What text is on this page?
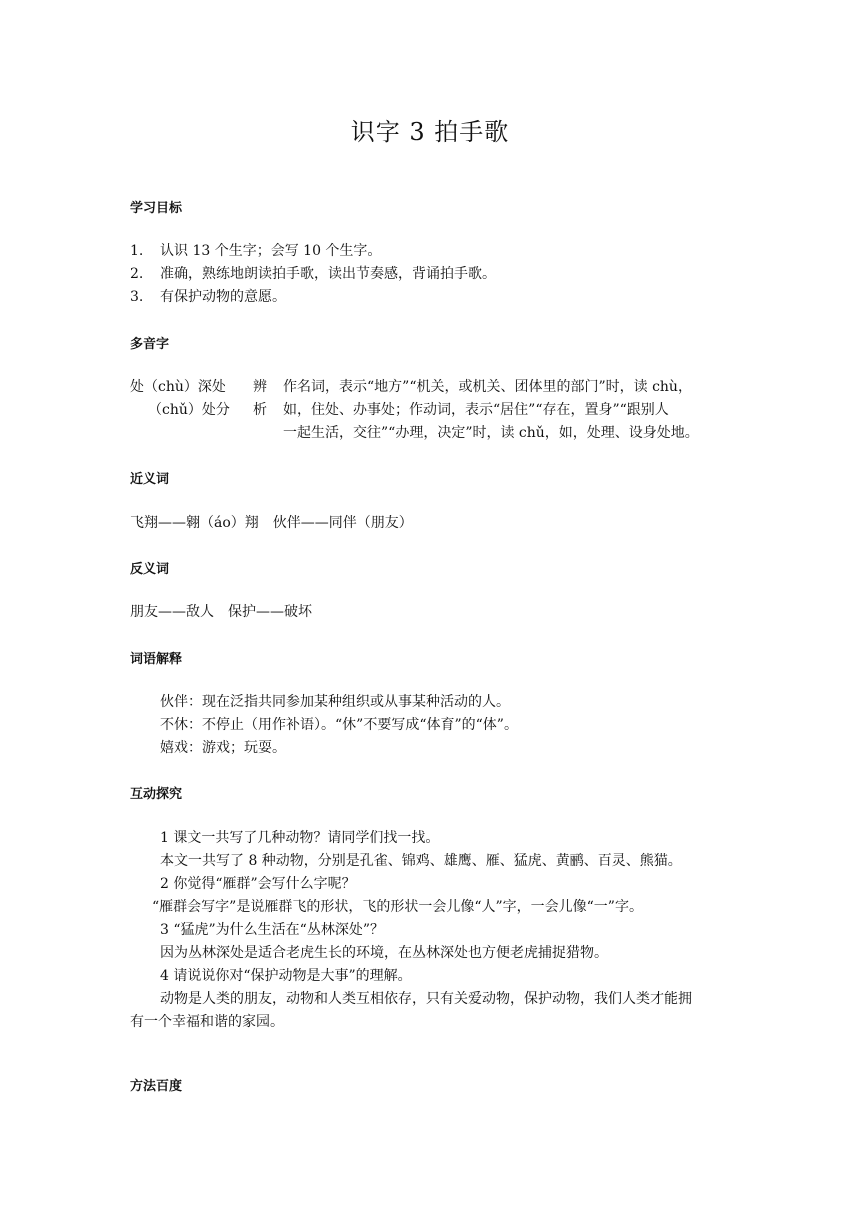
识字 3 拍手歌
学习目标
1. 认识 13 个生字；会写 10 个生字。
2. 准确，熟练地朗读拍手歌，读出节奏感，背诵拍手歌。
3. 有保护动物的意愿。
多音字
处（chù）深处
（chǔ）处分
辨
析
作名词，表示“地方”“机关，或机关、团体里的部门”时，读 chù，
如，住处、办事处；作动词，表示“居住”“存在，置身”“跟别人
一起生活，交往”“办理，决定”时，读 chǔ，如，处理、设身处地。
近义词
飞翔——翱（áo）翔　伙伴——同伴（朋友）
反义词
朋友——敌人　保护——破坏
词语解释
伙伴：现在泛指共同参加某种组织或从事某种活动的人。
不休：不停止（用作补语）。“休”不要写成“体育”的“体”。
嬉戏：游戏；玩耍。
互动探究
1 课文一共写了几种动物？请同学们找一找。
本文一共写了 8 种动物，分别是孔雀、锦鸡、雄鹰、雁、猛虎、黄鹂、百灵、熊猫。
2 你觉得“雁群”会写什么字呢？
“雁群会写字”是说雁群飞的形状，飞的形状一会儿像“人”字，一会儿像“一”字。
3 “猛虎”为什么生活在“丛林深处”？
因为丛林深处是适合老虎生长的环境，在丛林深处也方便老虎捕捉猎物。
4 请说说你对“保护动物是大事”的理解。
动物是人类的朋友，动物和人类互相依存，只有关爱动物，保护动物，我们人类才能拥
有一个幸福和谐的家园。
方法百度
